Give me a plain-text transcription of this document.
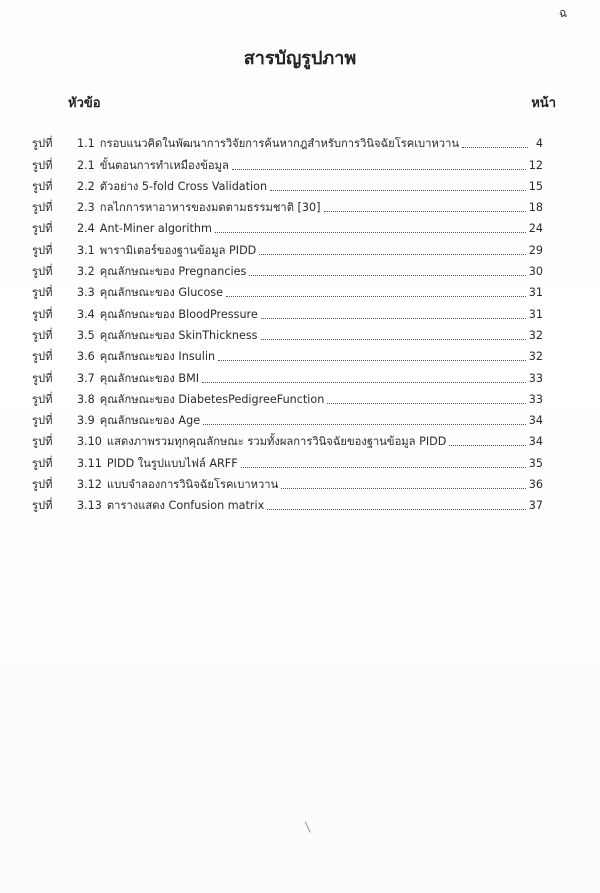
ฉ
สารบัญรูปภาพ
หัวข้อ	หน้า
รูปที่	1.1 กรอบแนวคิดในพัฒนาการวิจัยการค้นหากฎสำหรับการวินิจฉัยโรคเบาหวาน	4
รูปที่	2.1 ขั้นตอนการทำเหมืองข้อมูล	12
รูปที่	2.2 ตัวอย่าง 5-fold Cross Validation	15
รูปที่	2.3 กลไกการหาอาหารของมดตามธรรมชาติ [30]	18
รูปที่	2.4 Ant-Miner algorithm	24
รูปที่	3.1 พารามิเตอร์ของฐานข้อมูล PIDD	29
รูปที่	3.2 คุณลักษณะของ Pregnancies	30
รูปที่	3.3 คุณลักษณะของ Glucose	31
รูปที่	3.4 คุณลักษณะของ BloodPressure	31
รูปที่	3.5 คุณลักษณะของ SkinThickness	32
รูปที่	3.6 คุณลักษณะของ Insulin	32
รูปที่	3.7 คุณลักษณะของ BMI	33
รูปที่	3.8 คุณลักษณะของ DiabetesPedigreeFunction	33
รูปที่	3.9 คุณลักษณะของ Age	34
รูปที่	3.10 แสดงภาพรวมทุกคุณลักษณะ รวมทั้งผลการวินิจฉัยของฐานข้อมูล PIDD	34
รูปที่	3.11 PIDD ในรูปแบบไฟล์ ARFF	35
รูปที่	3.12 แบบจำลองการวินิจฉัยโรคเบาหวาน	36
รูปที่	3.13 ตารางแสดง Confusion matrix	37
